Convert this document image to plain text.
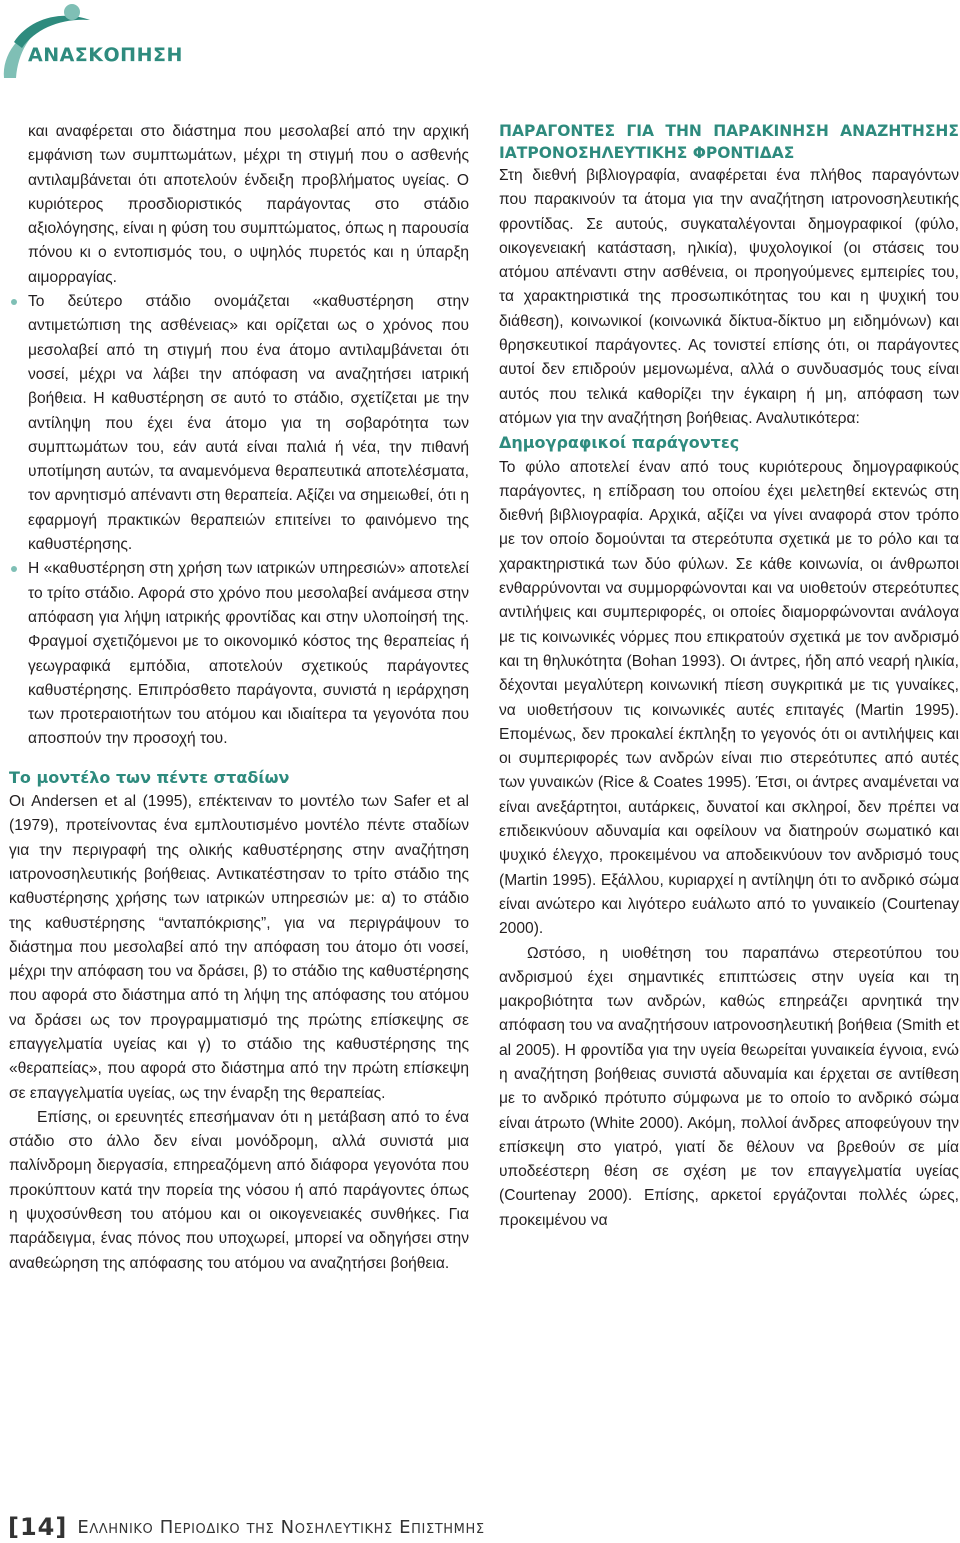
ΑΝΑΣΚΟΠΗΣΗ

και αναφέρεται στο διάστημα που μεσολαβεί από την αρχική εμφάνιση των συμπτωμάτων, μέχρι τη στιγμή που ο ασθενής αντιλαμβάνεται ότι αποτελούν ένδειξη προβλήματος υγείας. Ο κυριότερος προσδιοριστικός παράγοντας στο στάδιο αξιολόγησης, είναι η φύση του συμπτώματος, όπως η παρουσία πόνου κι ο εντοπισμός του, ο υψηλός πυρετός και η ύπαρξη αιμορραγίας.

Το δεύτερο στάδιο ονομάζεται «καθυστέρηση στην αντιμετώπιση της ασθένειας» και ορίζεται ως ο χρόνος που μεσολαβεί από τη στιγμή που ένα άτομο αντιλαμβάνεται ότι νοσεί, μέχρι να λάβει την απόφαση να αναζητήσει ιατρική βοήθεια. Η καθυστέρηση σε αυτό το στάδιο, σχετίζεται με την αντίληψη που έχει ένα άτομο για τη σοβαρότητα των συμπτωμάτων του, εάν αυτά είναι παλιά ή νέα, την πιθανή υποτίμηση αυτών, τα αναμενόμενα θεραπευτικά αποτελέσματα, τον αρνητισμό απέναντι στη θεραπεία. Αξίζει να σημειωθεί, ότι η εφαρμογή πρακτικών θεραπειών επιτείνει το φαινόμενο της καθυστέρησης.

Η «καθυστέρηση στη χρήση των ιατρικών υπηρεσιών» αποτελεί το τρίτο στάδιο. Αφορά στο χρόνο που μεσολαβεί ανάμεσα στην απόφαση για λήψη ιατρικής φροντίδας και στην υλοποίησή της. Φραγμοί σχετιζόμενοι με το οικονομικό κόστος της θεραπείας ή γεωγραφικά εμπόδια, αποτελούν σχετικούς παράγοντες καθυστέρησης. Επιπρόσθετο παράγοντα, συνιστά η ιεράρχηση των προτεραιοτήτων του ατόμου και ιδιαίτερα τα γεγονότα που αποσπούν την προσοχή του.

Το μοντέλο των πέντε σταδίων

Οι Andersen et al (1995), επέκτειναν το μοντέλο των Safer et al (1979), προτείνοντας ένα εμπλουτισμένο μοντέλο πέντε σταδίων για την περιγραφή της ολικής καθυστέρησης στην αναζήτηση ιατρονοσηλευτικής βοήθειας. Αντικατέστησαν το τρίτο στάδιο της καθυστέρησης χρήσης των ιατρικών υπηρεσιών με: α) το στάδιο της καθυστέρησης “ανταπόκρισης”, για να περιγράψουν το διάστημα που μεσολαβεί από την απόφαση του άτομο ότι νοσεί, μέχρι την απόφαση του να δράσει, β) το στάδιο της καθυστέρησης που αφορά στο διάστημα από τη λήψη της απόφασης του ατόμου να δράσει ως τον προγραμματισμό της πρώτης επίσκεψης σε επαγγελματία υγείας και γ) το στάδιο της καθυστέρησης της «θεραπείας», που αφορά στο διάστημα από την πρώτη επίσκεψη σε επαγγελματία υγείας, ως την έναρξη της θεραπείας.

Επίσης, οι ερευνητές επεσήμαναν ότι η μετάβαση από το ένα στάδιο στο άλλο δεν είναι μονόδρομη, αλλά συνιστά μια παλίνδρομη διεργασία, επηρεαζόμενη από διάφορα γεγονότα που προκύπτουν κατά την πορεία της νόσου ή από παράγοντες όπως η ψυχοσύνθεση του ατόμου και οι οικογενειακές συνθήκες. Για παράδειγμα, ένας πόνος που υποχωρεί, μπορεί να οδηγήσει στην αναθεώρηση της απόφασης του ατόμου να αναζητήσει βοήθεια.

ΠΑΡΑΓΟΝΤΕΣ ΓΙΑ ΤΗΝ ΠΑΡΑΚΙΝΗΣΗ ΑΝΑΖΗΤΗΣΗΣ ΙΑΤΡΟΝΟΣΗΛΕΥΤΙΚΗΣ ΦΡΟΝΤΙΔΑΣ

Στη διεθνή βιβλιογραφία, αναφέρεται ένα πλήθος παραγόντων που παρακινούν τα άτομα για την αναζήτηση ιατρονοσηλευτικής φροντίδας. Σε αυτούς, συγκαταλέγονται δημογραφικοί (φύλο, οικογενειακή κατάσταση, ηλικία), ψυχολογικοί (οι στάσεις του ατόμου απέναντι στην ασθένεια, οι προηγούμενες εμπειρίες του, τα χαρακτηριστικά της προσωπικότητας του και η ψυχική του διάθεση), κοινωνικοί (κοινωνικά δίκτυα-δίκτυο μη ειδημόνων) και θρησκευτικοί παράγοντες. Ας τονιστεί επίσης ότι, οι παράγοντες αυτοί δεν επιδρούν μεμονωμένα, αλλά ο συνδυασμός τους είναι αυτός που τελικά καθορίζει την έγκαιρη ή μη, απόφαση των ατόμων για την αναζήτηση βοήθειας. Αναλυτικότερα:

Δημογραφικοί παράγοντες

Το φύλο αποτελεί έναν από τους κυριότερους δημογραφικούς παράγοντες, η επίδραση του οποίου έχει μελετηθεί εκτενώς στη διεθνή βιβλιογραφία. Αρχικά, αξίζει να γίνει αναφορά στον τρόπο με τον οποίο δομούνται τα στερεότυπα σχετικά με το ρόλο και τα χαρακτηριστικά των δύο φύλων. Σε κάθε κοινωνία, οι άνθρωποι ενθαρρύνονται να συμμορφώνονται και να υιοθετούν στερεότυπες αντιλήψεις και συμπεριφορές, οι οποίες διαμορφώνονται ανάλογα με τις κοινωνικές νόρμες που επικρατούν σχετικά με τον ανδρισμό και τη θηλυκότητα (Bohan 1993). Οι άντρες, ήδη από νεαρή ηλικία, δέχονται μεγαλύτερη κοινωνική πίεση συγκριτικά με τις γυναίκες, να υιοθετήσουν τις κοινωνικές αυτές επιταγές (Martin 1995). Επομένως, δεν προκαλεί έκπληξη το γεγονός ότι οι αντιλήψεις και οι συμπεριφορές των ανδρών είναι πιο στερεότυπες από αυτές των γυναικών (Rice & Coates 1995). Έτσι, οι άντρες αναμένεται να είναι ανεξάρτητοι, αυτάρκεις, δυνατοί και σκληροί, δεν πρέπει να επιδεικνύουν αδυναμία και οφείλουν να διατηρούν σωματικό και ψυχικό έλεγχο, προκειμένου να αποδεικνύουν τον ανδρισμό τους (Martin 1995). Εξάλλου, κυριαρχεί η αντίληψη ότι το ανδρικό σώμα είναι ανώτερο και λιγότερο ευάλωτο από το γυναικείο (Courtenay 2000).

Ωστόσο, η υιοθέτηση του παραπάνω στερεοτύπου του ανδρισμού έχει σημαντικές επιπτώσεις στην υγεία και τη μακροβιότητα των ανδρών, καθώς επηρεάζει αρνητικά την απόφαση του να αναζητήσουν ιατρονοσηλευτική βοήθεια (Smith et al 2005). Η φροντίδα για την υγεία θεωρείται γυναικεία έγνοια, ενώ η αναζήτηση βοήθειας συνιστά αδυναμία και έρχεται σε αντίθεση με το ανδρικό πρότυπο σύμφωνα με το οποίο το ανδρικό σώμα είναι άτρωτο (White 2000). Ακόμη, πολλοί άνδρες αποφεύγουν την επίσκεψη στο γιατρό, γιατί δε θέλουν να βρεθούν σε μία υποδεέστερη θέση σε σχέση με τον επαγγελματία υγείας (Courtenay 2000). Επίσης, αρκετοί εργάζονται πολλές ώρες, προκειμένου να

[14] Ελληνικο Περιοδικο της Νοσηλευτικης Επιστημης
